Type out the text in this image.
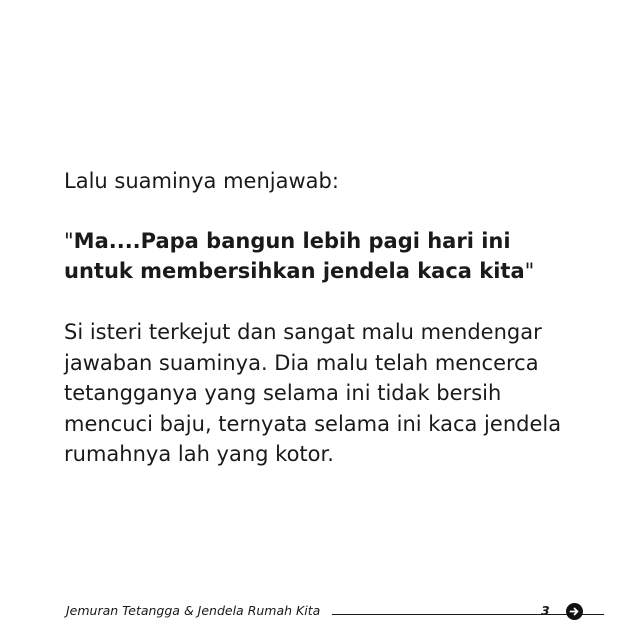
Lalu suaminya menjawab:

"Ma....Papa bangun lebih pagi hari ini untuk membersihkan jendela kaca kita"

Si isteri terkejut dan sangat malu mendengar jawaban suaminya. Dia malu telah mencerca tetangganya yang selama ini tidak bersih mencuci baju, ternyata selama ini kaca jendela rumahnya lah yang kotor.

Jemuran Tetangga & Jendela Rumah Kita	3
